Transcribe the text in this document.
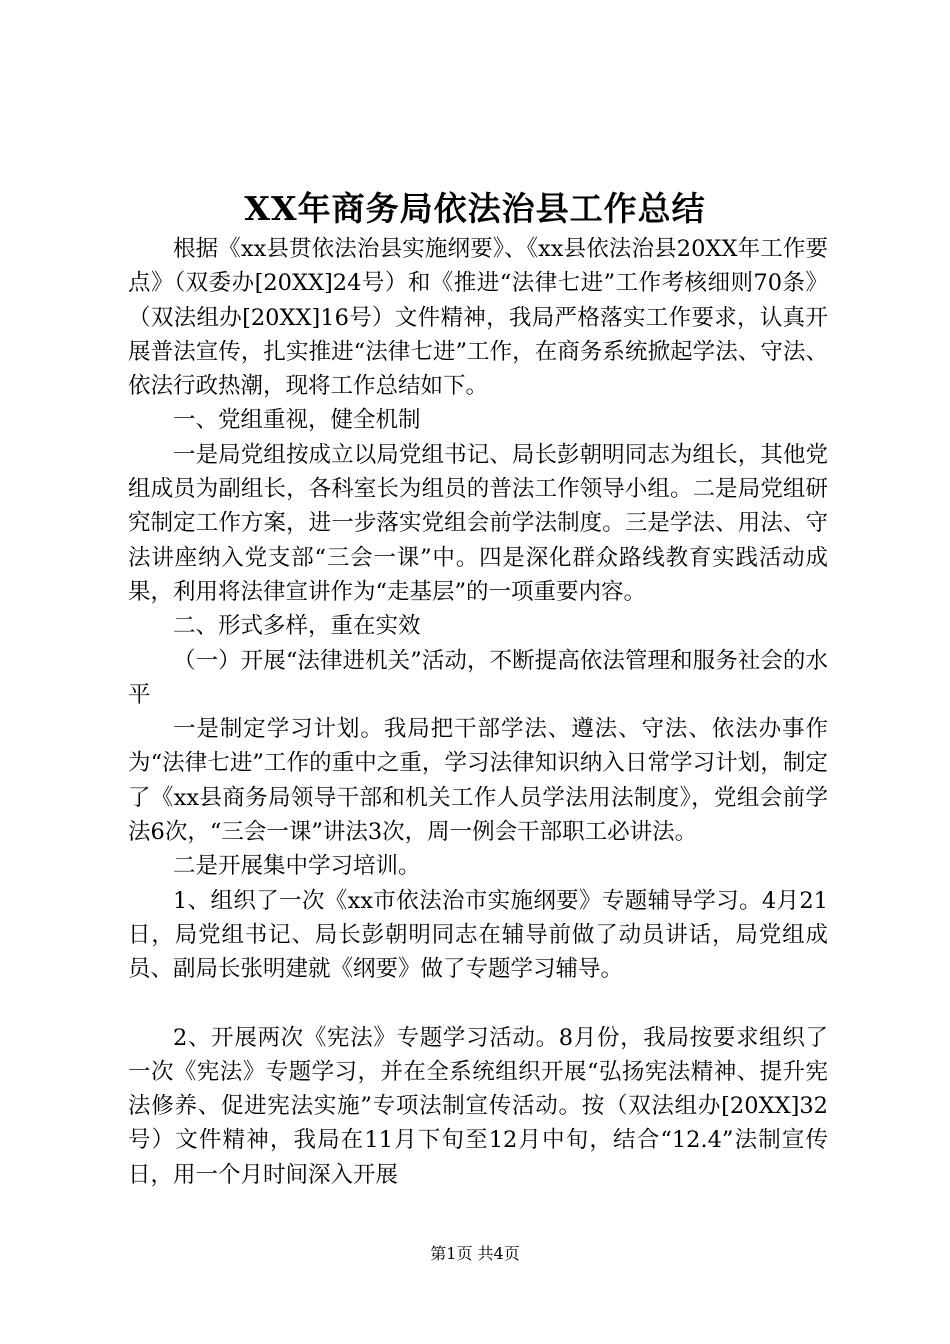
XX年商务局依法治县工作总结

根据《xx县贯依法治县实施纲要》、《xx县依法治县20XX年工作要点》（双委办[20XX]24号）和《推进“法律七进”工作考核细则70条》（双法组办[20XX]16号）文件精神，我局严格落实工作要求，认真开展普法宣传，扎实推进“法律七进”工作，在商务系统掀起学法、守法、依法行政热潮，现将工作总结如下。

一、党组重视，健全机制

一是局党组按成立以局党组书记、局长彭朝明同志为组长，其他党组成员为副组长，各科室长为组员的普法工作领导小组。二是局党组研究制定工作方案，进一步落实党组会前学法制度。三是学法、用法、守法讲座纳入党支部“三会一课”中。四是深化群众路线教育实践活动成果，利用将法律宣讲作为“走基层”的一项重要内容。

二、形式多样，重在实效

（一）开展“法律进机关”活动，不断提高依法管理和服务社会的水平

一是制定学习计划。我局把干部学法、遵法、守法、依法办事作为“法律七进”工作的重中之重，学习法律知识纳入日常学习计划，制定了《xx县商务局领导干部和机关工作人员学法用法制度》，党组会前学法6次，“三会一课”讲法3次，周一例会干部职工必讲法。

二是开展集中学习培训。

1、组织了一次《xx市依法治市实施纲要》专题辅导学习。4月21日，局党组书记、局长彭朝明同志在辅导前做了动员讲话，局党组成员、副局长张明建就《纲要》做了专题学习辅导。

2、开展两次《宪法》专题学习活动。8月份，我局按要求组织了一次《宪法》专题学习，并在全系统组织开展“弘扬宪法精神、提升宪法修养、促进宪法实施”专项法制宣传活动。按（双法组办[20XX]32号）文件精神，我局在11月下旬至12月中旬，结合“12.4”法制宣传日，用一个月时间深入开展

第1页 共4页
